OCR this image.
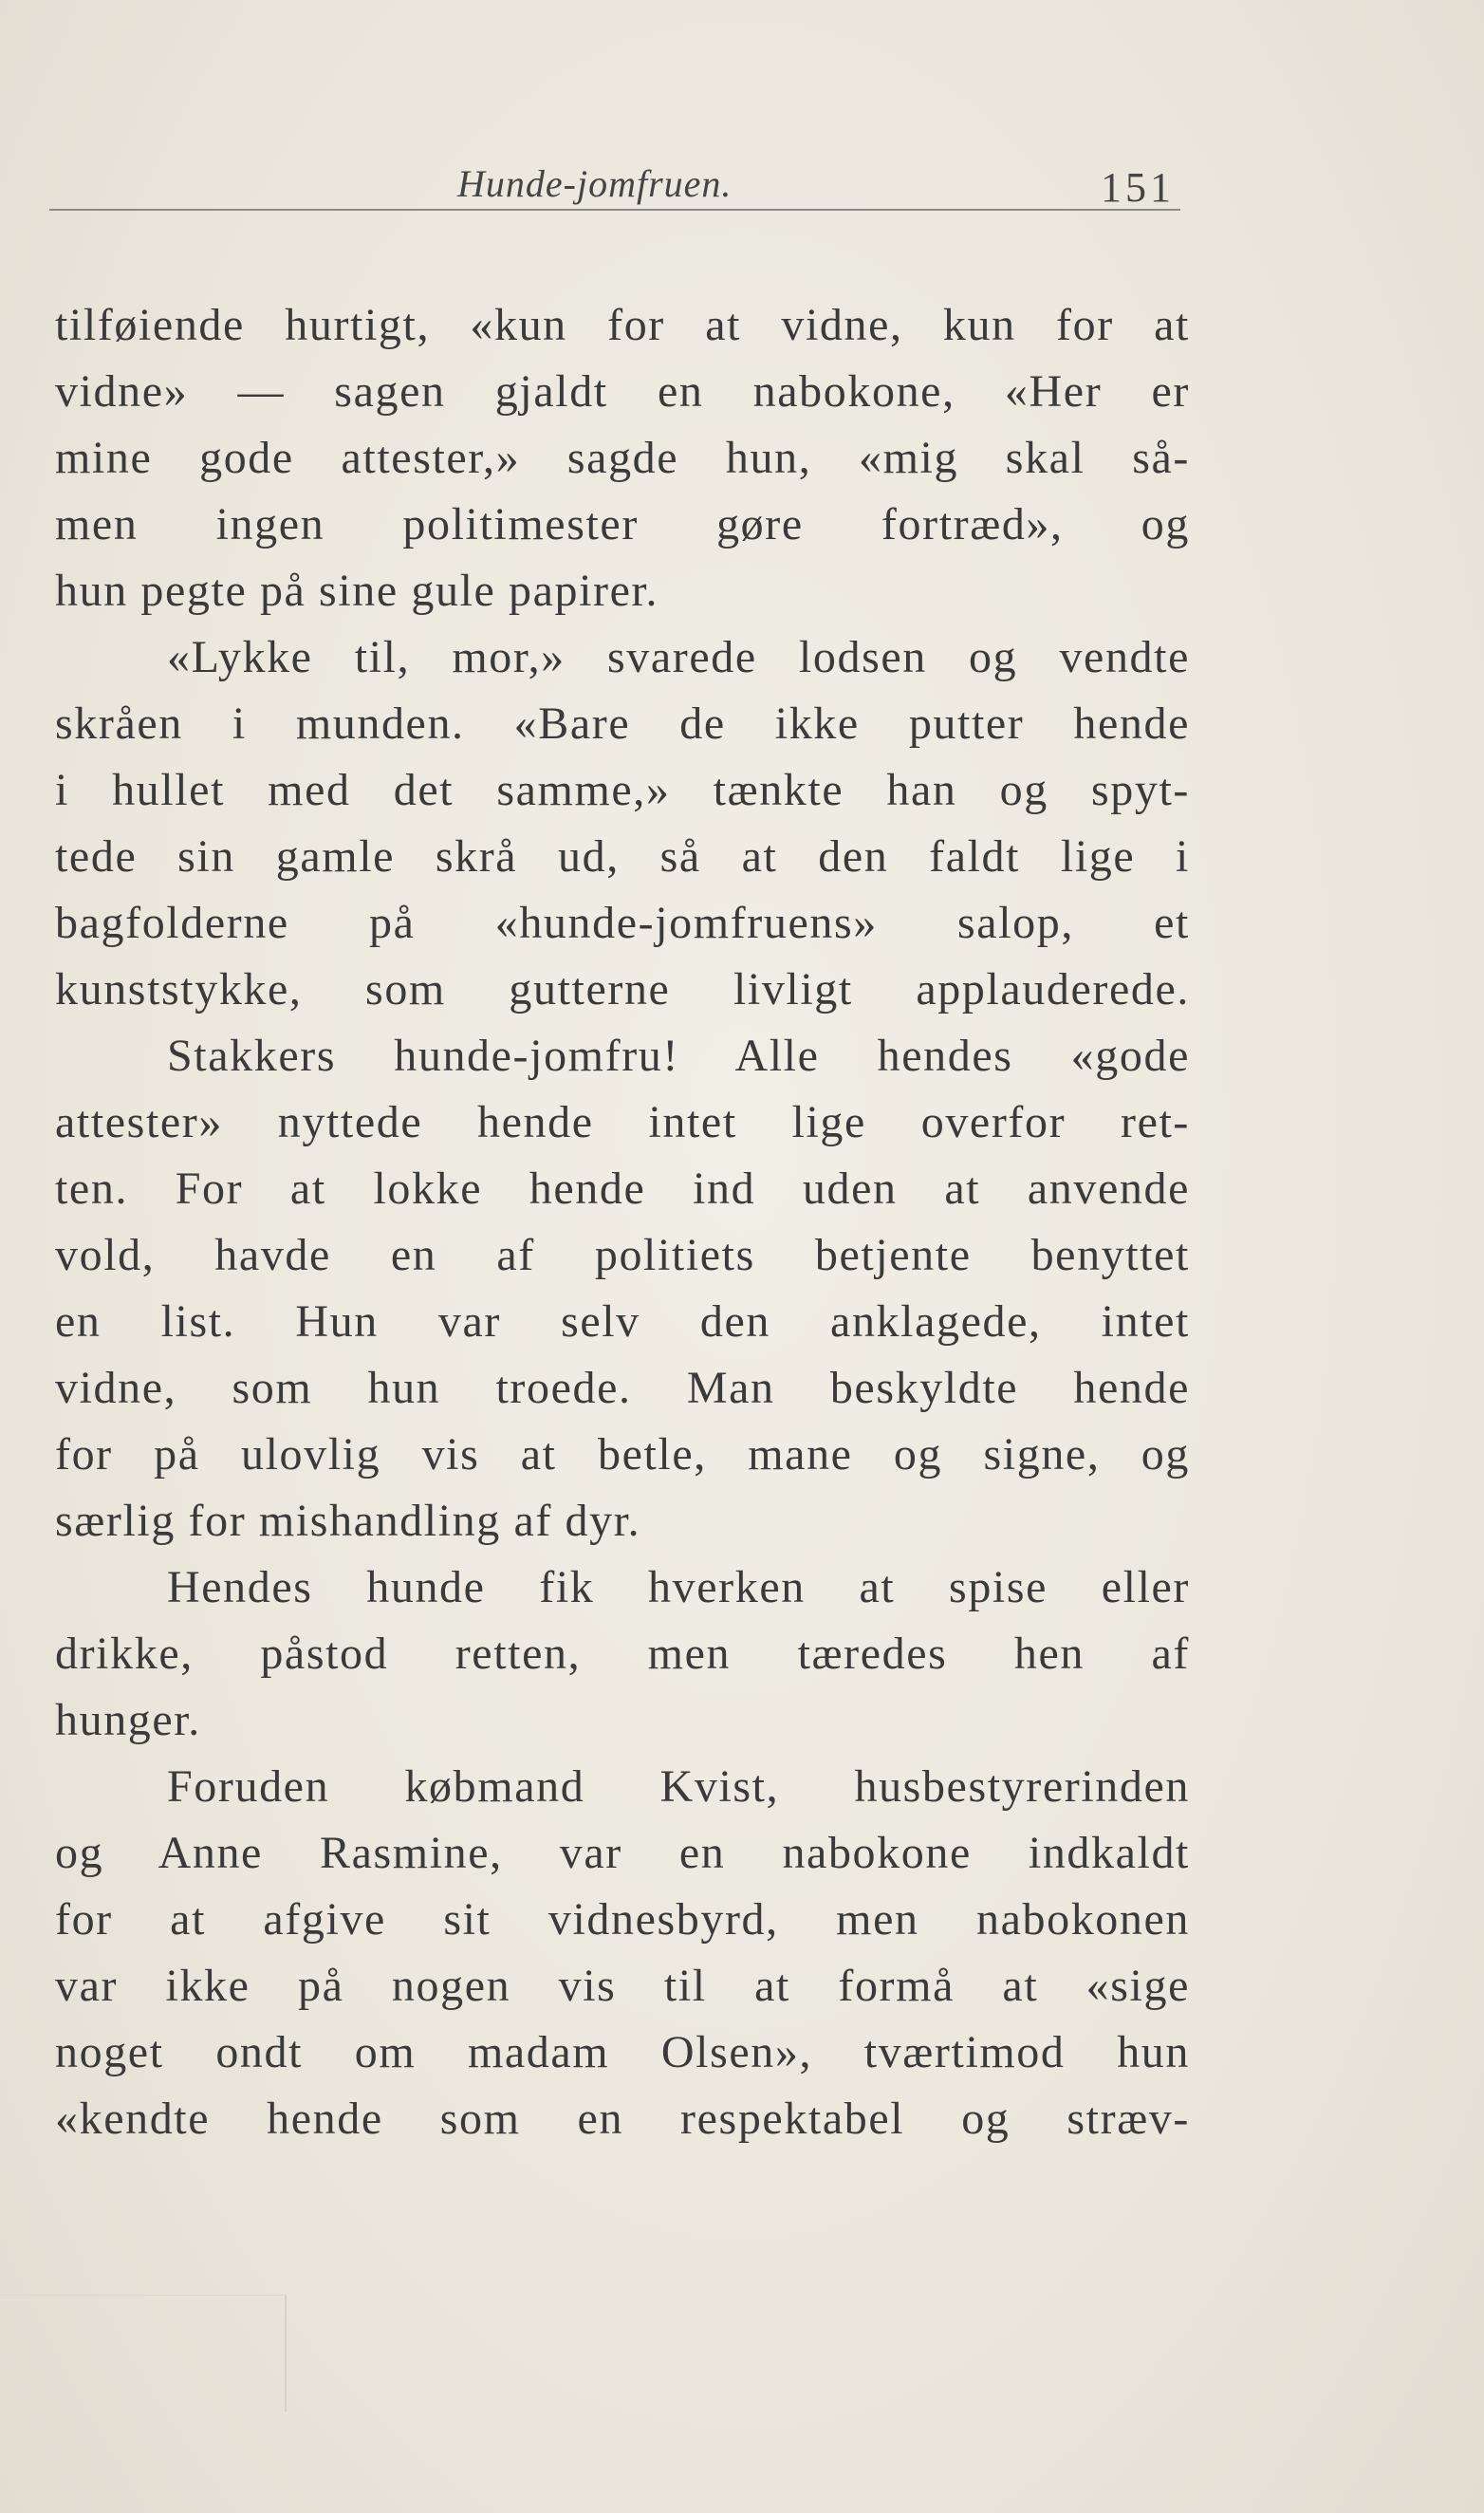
Hunde-jomfruen.	151
tilføiende hurtigt, «kun for at vidne, kun for at
vidne» — sagen gjaldt en nabokone, «Her er
mine gode attester,» sagde hun, «mig skal så-
men ingen politimester gøre fortræd», og
hun pegte på sine gule papirer.
«Lykke til, mor,» svarede lodsen og vendte
skråen i munden. «Bare de ikke putter hende
i hullet med det samme,» tænkte han og spyt-
tede sin gamle skrå ud, så at den faldt lige i
bagfolderne på «hunde-jomfruens» salop, et
kunststykke, som gutterne livligt applauderede.
Stakkers hunde-jomfru! Alle hendes «gode
attester» nyttede hende intet lige overfor ret-
ten. For at lokke hende ind uden at anvende
vold, havde en af politiets betjente benyttet
en list. Hun var selv den anklagede, intet
vidne, som hun troede. Man beskyldte hende
for på ulovlig vis at betle, mane og signe, og
særlig for mishandling af dyr.
Hendes hunde fik hverken at spise eller
drikke, påstod retten, men tæredes hen af
hunger.
Foruden købmand Kvist, husbestyrerinden
og Anne Rasmine, var en nabokone indkaldt
for at afgive sit vidnesbyrd, men nabokonen
var ikke på nogen vis til at formå at «sige
noget ondt om madam Olsen», tværtimod hun
«kendte hende som en respektabel og stræv-
